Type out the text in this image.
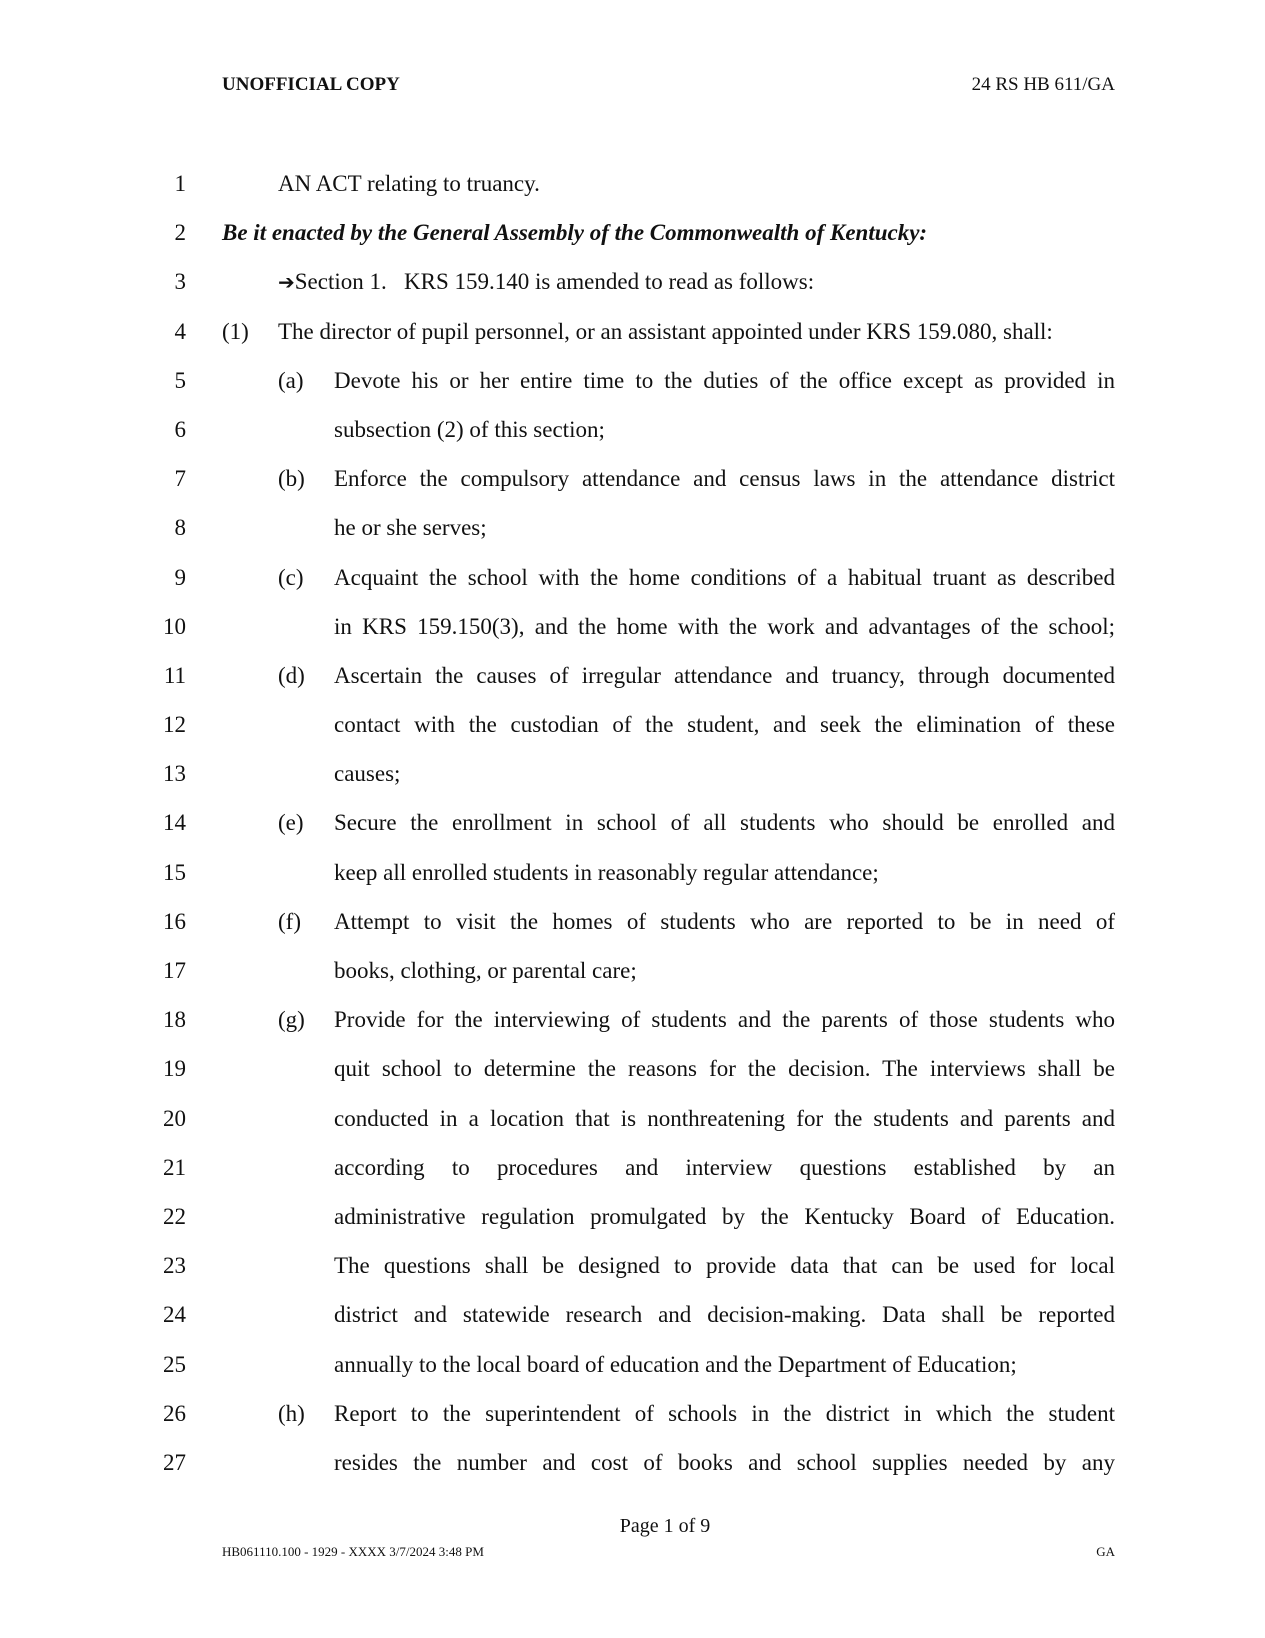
UNOFFICIAL COPY	24 RS HB 611/GA
1	AN ACT relating to truancy.
2 Be it enacted by the General Assembly of the Commonwealth of Kentucky:
3	➔Section 1.   KRS 159.140 is amended to read as follows:
4 (1) The director of pupil personnel, or an assistant appointed under KRS 159.080, shall:
5	(a) Devote his or her entire time to the duties of the office except as provided in
6	subsection (2) of this section;
7	(b) Enforce the compulsory attendance and census laws in the attendance district
8	he or she serves;
9	(c) Acquaint the school with the home conditions of a habitual truant as described
10	in KRS 159.150(3), and the home with the work and advantages of the school;
11	(d) Ascertain the causes of irregular attendance and truancy, through documented
12	contact with the custodian of the student, and seek the elimination of these
13	causes;
14	(e) Secure the enrollment in school of all students who should be enrolled and
15	keep all enrolled students in reasonably regular attendance;
16	(f) Attempt to visit the homes of students who are reported to be in need of
17	books, clothing, or parental care;
18	(g) Provide for the interviewing of students and the parents of those students who
19	quit school to determine the reasons for the decision. The interviews shall be
20	conducted in a location that is nonthreatening for the students and parents and
21	according to procedures and interview questions established by an
22	administrative regulation promulgated by the Kentucky Board of Education.
23	The questions shall be designed to provide data that can be used for local
24	district and statewide research and decision-making. Data shall be reported
25	annually to the local board of education and the Department of Education;
26	(h) Report to the superintendent of schools in the district in which the student
27	resides the number and cost of books and school supplies needed by any
Page 1 of 9
HB061110.100 - 1929 - XXXX 3/7/2024 3:48 PM	GA
